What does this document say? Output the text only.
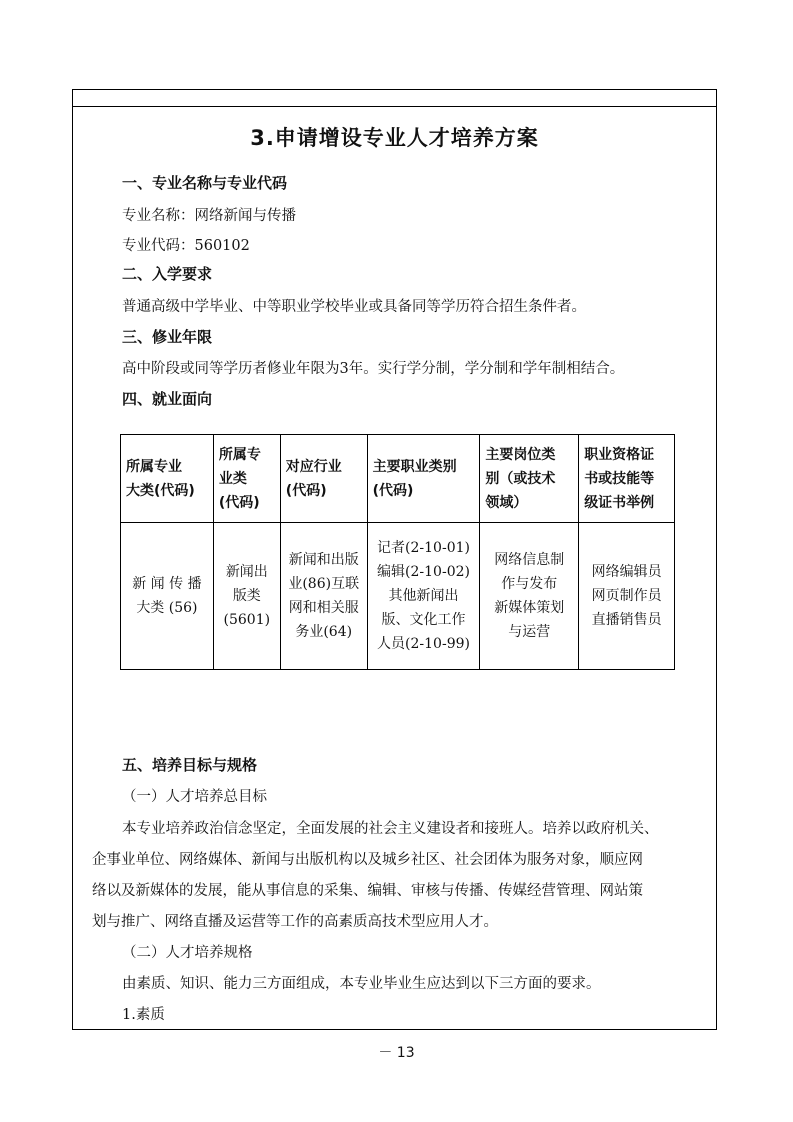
3.申请增设专业人才培养方案
一、专业名称与专业代码
专业名称：网络新闻与传播
专业代码：560102
二、入学要求
普通高级中学毕业、中等职业学校毕业或具备同等学历符合招生条件者。
三、修业年限
高中阶段或同等学历者修业年限为3年。实行学分制，学分制和学年制相结合。
四、就业面向
所属专业
大类(代码)	所属专
业类
(代码)	对应行业
(代码)	主要职业类别
(代码)	主要岗位类
别（或技术
领域）	职业资格证
书或技能等
级证书举例

新 闻 传 播
大类 (56)	新闻出
版类
(5601)	新闻和出版
业(86)互联
网和相关服
务业(64)	记者(2-10-01)
编辑(2-10-02)
其他新闻出
版、文化工作
人员(2-10-99)	网络信息制
作与发布
新媒体策划
与运营	网络编辑员
网页制作员
直播销售员
五、培养目标与规格
（一）人才培养总目标
本专业培养政治信念坚定，全面发展的社会主义建设者和接班人。培养以政府机关、
企事业单位、网络媒体、新闻与出版机构以及城乡社区、社会团体为服务对象，顺应网
络以及新媒体的发展，能从事信息的采集、编辑、审核与传播、传媒经营管理、网站策
划与推广、网络直播及运营等工作的高素质高技术型应用人才。
（二）人才培养规格
由素质、知识、能力三方面组成，本专业毕业生应达到以下三方面的要求。
1.素质
－ 13
